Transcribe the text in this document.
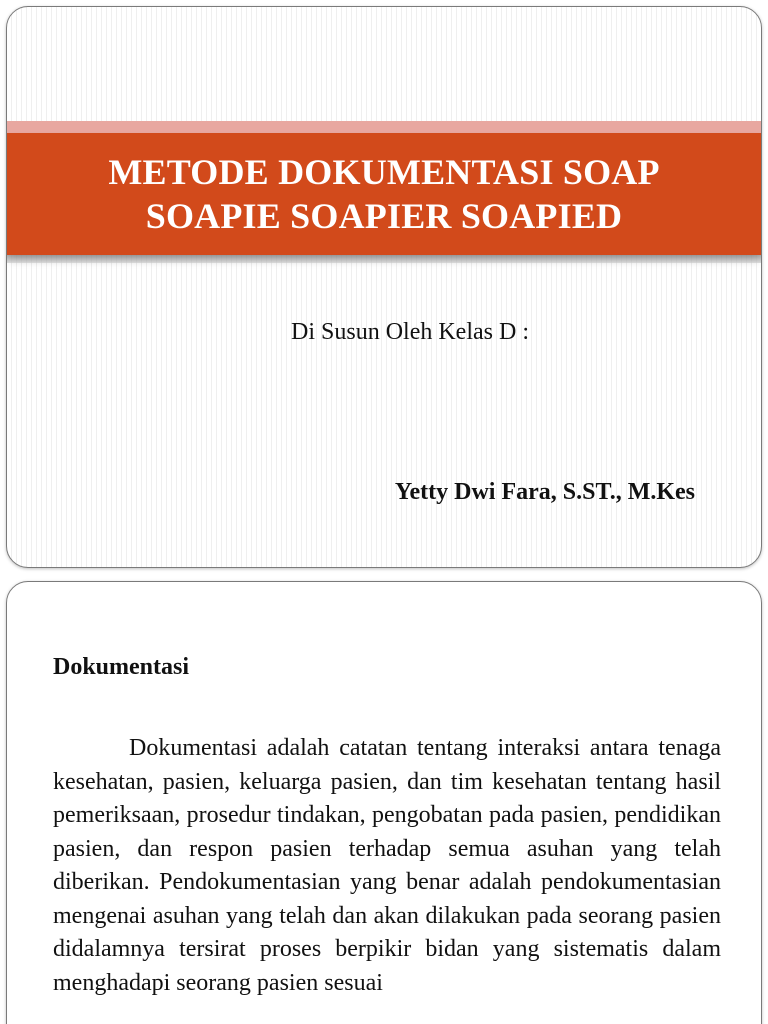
METODE DOKUMENTASI SOAP
SOAPIE SOAPIER SOAPIED
Di Susun Oleh Kelas D :
Yetty Dwi Fara, S.ST., M.Kes
Dokumentasi

Dokumentasi adalah catatan tentang interaksi antara tenaga kesehatan, pasien, keluarga pasien, dan tim kesehatan tentang hasil pemeriksaan, prosedur tindakan, pengobatan pada pasien, pendidikan pasien, dan respon pasien terhadap semua asuhan yang telah diberikan. Pendokumentasian yang benar adalah pendokumentasian mengenai asuhan yang telah dan akan dilakukan pada seorang pasien didalamnya tersirat proses berpikir bidan yang sistematis dalam menghadapi seorang pasien sesuai
